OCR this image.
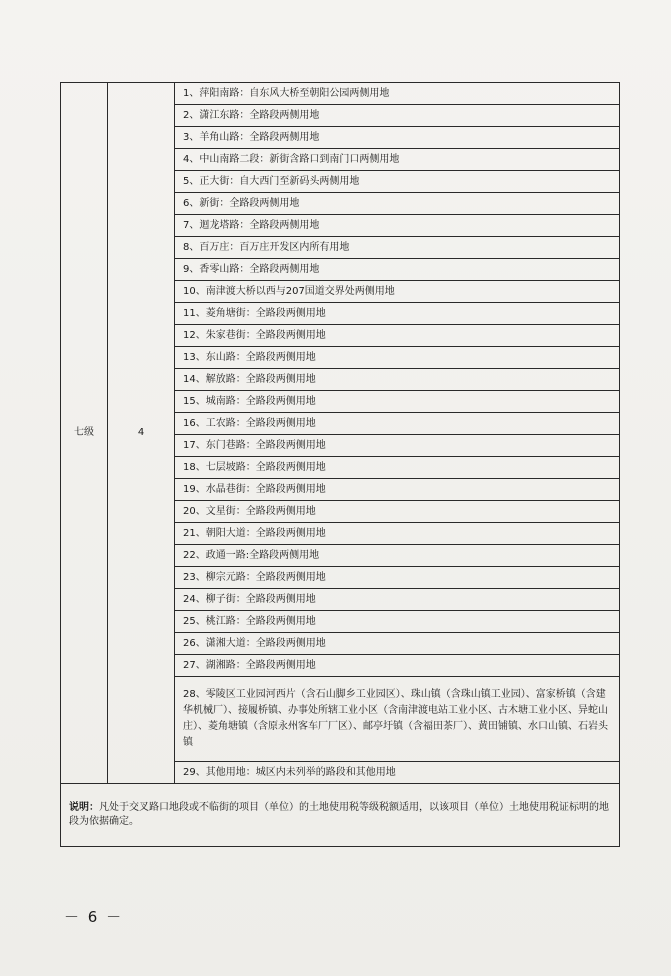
七级	4	1、萍阳南路：自东风大桥至朝阳公园两侧用地
2、潇江东路：全路段两侧用地
3、羊角山路：全路段两侧用地
4、中山南路二段：新街含路口到南门口两侧用地
5、正大街：自大西门至新码头两侧用地
6、新街：全路段两侧用地
7、迴龙塔路：全路段两侧用地
8、百万庄：百万庄开发区内所有用地
9、香零山路：全路段两侧用地
10、南津渡大桥以西与207国道交界处两侧用地
11、菱角塘街：全路段两侧用地
12、朱家巷街：全路段两侧用地
13、东山路：全路段两侧用地
14、解放路：全路段两侧用地
15、城南路：全路段两侧用地
16、工农路：全路段两侧用地
17、东门巷路：全路段两侧用地
18、七层坡路：全路段两侧用地
19、水晶巷街：全路段两侧用地
20、文星街：全路段两侧用地
21、朝阳大道：全路段两侧用地
22、政通一路:全路段两侧用地
23、柳宗元路：全路段两侧用地
24、柳子街：全路段两侧用地
25、桃江路：全路段两侧用地
26、潇湘大道：全路段两侧用地
27、湖湘路：全路段两侧用地
28、零陵区工业园河西片（含石山脚乡工业园区）、珠山镇（含珠山镇工业园）、富家桥镇（含建华机械厂）、接履桥镇、办事处所辖工业小区（含南津渡电站工业小区、古木塘工业小区、异蛇山庄）、菱角塘镇（含原永州客车厂厂区）、邮亭圩镇（含福田茶厂）、黄田铺镇、水口山镇、石岩头镇
29、其他用地：城区内未列举的路段和其他用地
说明：凡处于交叉路口地段或不临街的项目（单位）的土地使用税等级税额适用，以该项目（单位）土地使用税证标明的地段为依据确定。
－ 6 －
